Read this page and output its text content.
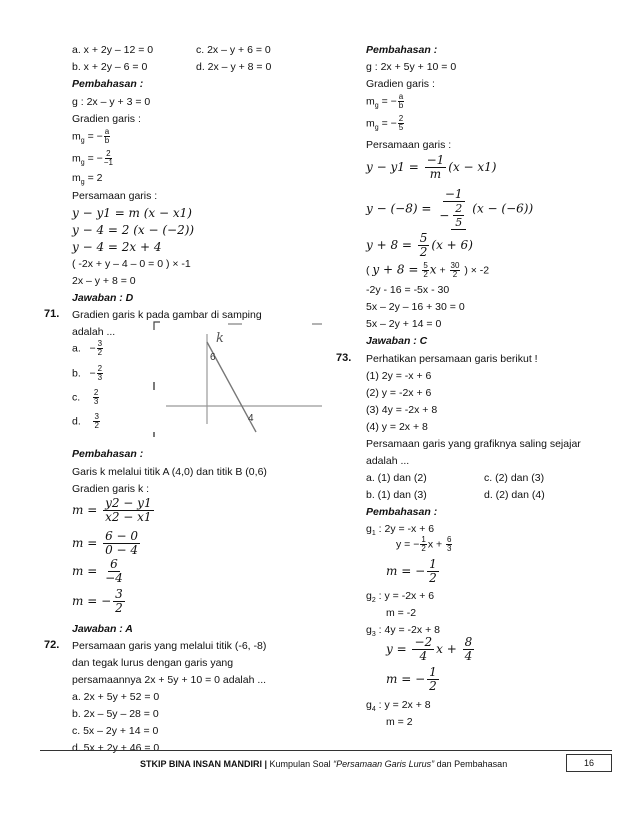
a. x + 2y – 12 = 0	c. 2x – y + 6 = 0
b. x + 2y – 6 = 0	d. 2x – y + 8 = 0
Pembahasan :
g : 2x – y + 3 = 0
Gradien garis :
$m_g$ = − $\frac{a}{b}$
$m_g$ = − $\frac{2}{-1}$
$m_g = 2$
Persamaan garis :
y − y1 = m (x − x1)
y − 4 = 2 (x − (−2))
y − 4 = 2x + 4
( -2x + y – 4 – 0 = 0 ) × -1
2x – y + 8 = 0
Jawaban : D
71. Gradien garis k pada gambar di samping
adalah ...
a.   − $\frac{3}{2}$
b.   − $\frac{2}{3}$
c. $\frac{2}{3}$
d. $\frac{3}{2}$
k
6
4
Pembahasan :
Garis k melalui titik A (4,0) dan titik B (0,6)
Gradien garis k :
$m = \frac{y2 - y1}{x2 - x1}$
$m = \frac{6 - 0}{0 - 4}$
$m = \frac{6}{-4}$
m = − $\frac{3}{2}$
Jawaban : A
72. Persamaan garis yang melalui titik (-6, -8)
dan tegak lurus dengan garis yang
persamaannya 2x + 5y + 10 = 0 adalah ...
a. 2x + 5y + 52 = 0
b. 2x – 5y – 28 = 0
c. 5x – 2y + 14 = 0
d. 5x + 2y + 46 = 0
Pembahasan :
g : 2x + 5y + 10 = 0
Gradien garis :
$m_g$ = − $\frac{a}{b}$
$m_g$ = − $\frac{2}{5}$
Persamaan garis :
$y - y1 = \frac{-1}{m} (x - x1)$
$y - (-8) = \frac{-1}{- \frac{2}{5}} (x - (-6))$
$y + 8 = \frac{5}{2} (x + 6)$
( $y + 8 = \frac{5}{2}$ $x + \frac{30}{2}$ ) × -2
-2y - 16 = -5x - 30
5x – 2y – 16 + 30 = 0
5x – 2y + 14 = 0
Jawaban : C
73. Perhatikan persamaan garis berikut !
(1) 2y = -x + 6
(2) y = -2x + 6
(3) 4y = -2x + 8
(4) y = 2x + 8
Persamaan garis yang grafiknya saling sejajar
adalah ...
a. (1) dan (2)	c. (2) dan (3)
b. (1) dan (3)	d. (2) dan (4)
Pembahasan :
$g_1$ : 2y = -x + 6
y = − $\frac{1}{2}$ $x + \frac{6}{3}$
m = − $\frac{1}{2}$
$g_2$ : y = -2x + 6
m = -2
$g_3$ : 4y = -2x + 8
$y = \frac{-2}{4}$ $x + \frac{8}{4}$
m = − $\frac{1}{2}$
$g_4$ : y = 2x + 8
m = 2
STKIP BINA INSAN MANDIRI | Kumpulan Soal “Persamaan Garis Lurus” dan Pembahasan	16
